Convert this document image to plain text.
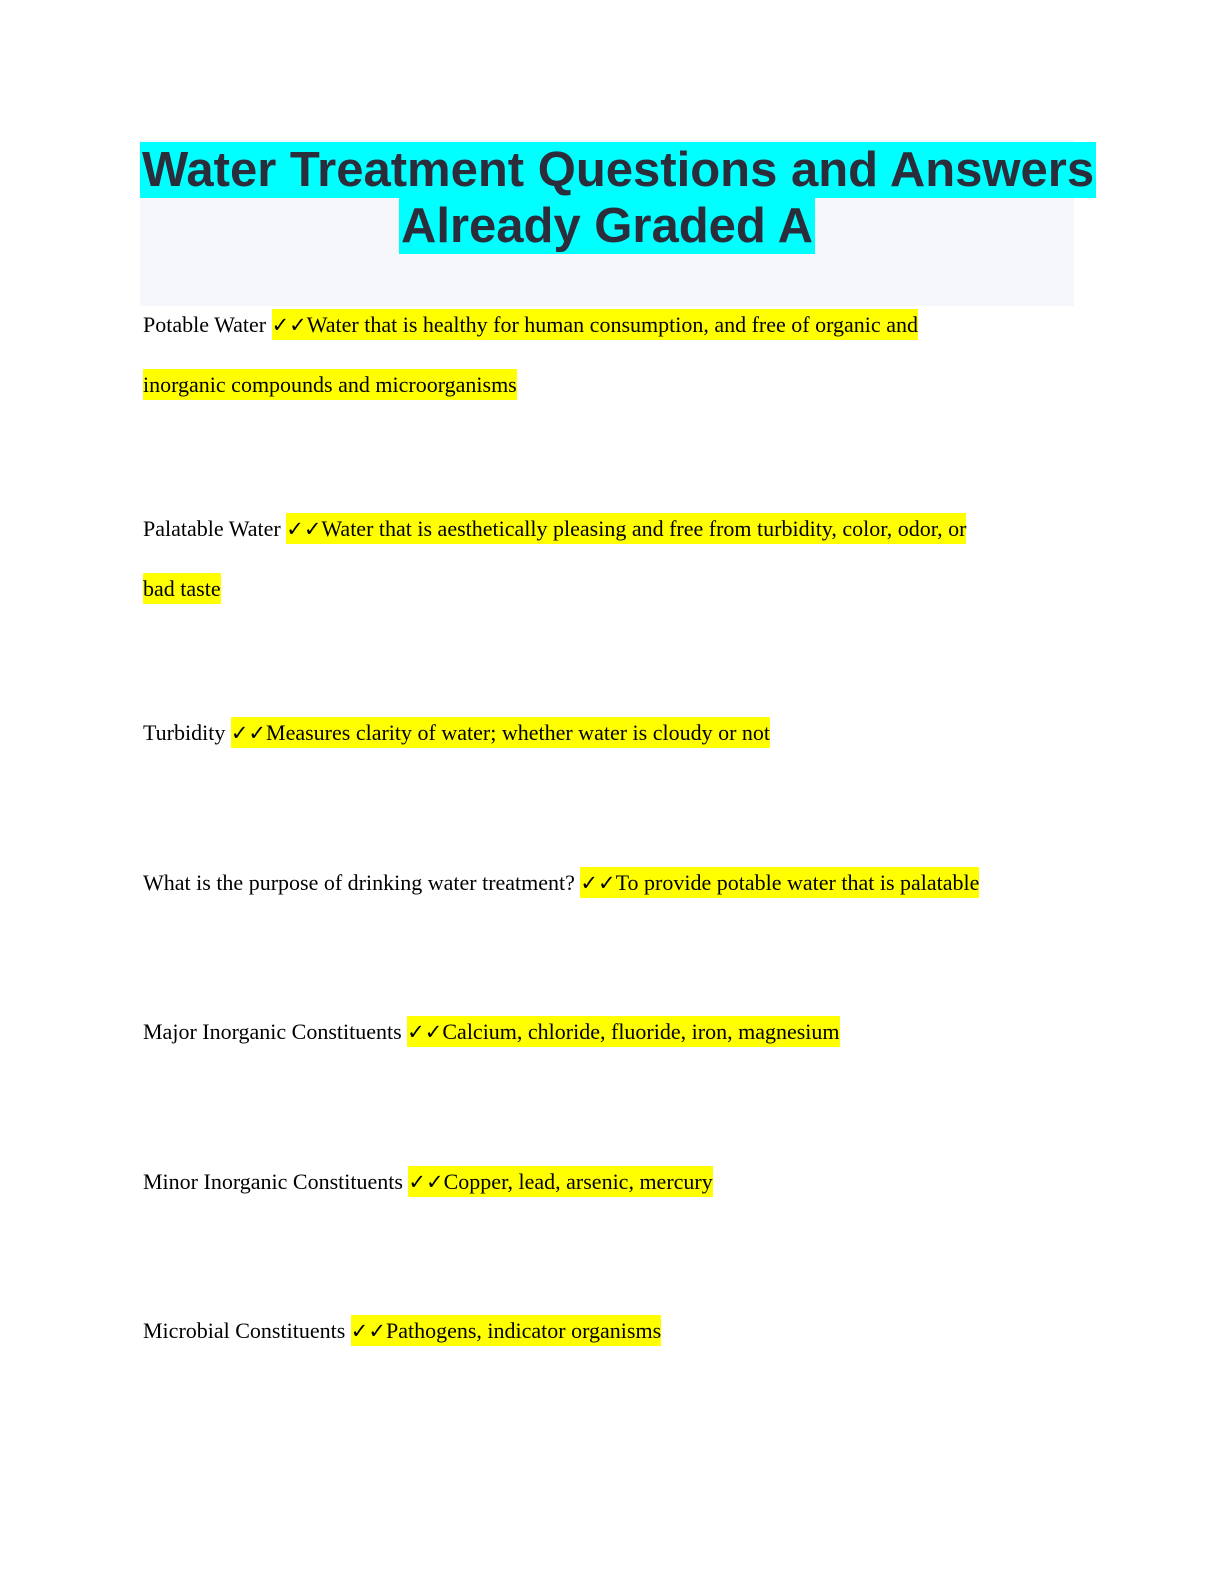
Water Treatment Questions and Answers
Already Graded A
Potable Water ✓✓Water that is healthy for human consumption, and free of organic and
inorganic compounds and microorganisms
Palatable Water ✓✓Water that is aesthetically pleasing and free from turbidity, color, odor, or
bad taste
Turbidity ✓✓Measures clarity of water; whether water is cloudy or not
What is the purpose of drinking water treatment? ✓✓To provide potable water that is palatable
Major Inorganic Constituents ✓✓Calcium, chloride, fluoride, iron, magnesium
Minor Inorganic Constituents ✓✓Copper, lead, arsenic, mercury
Microbial Constituents ✓✓Pathogens, indicator organisms
